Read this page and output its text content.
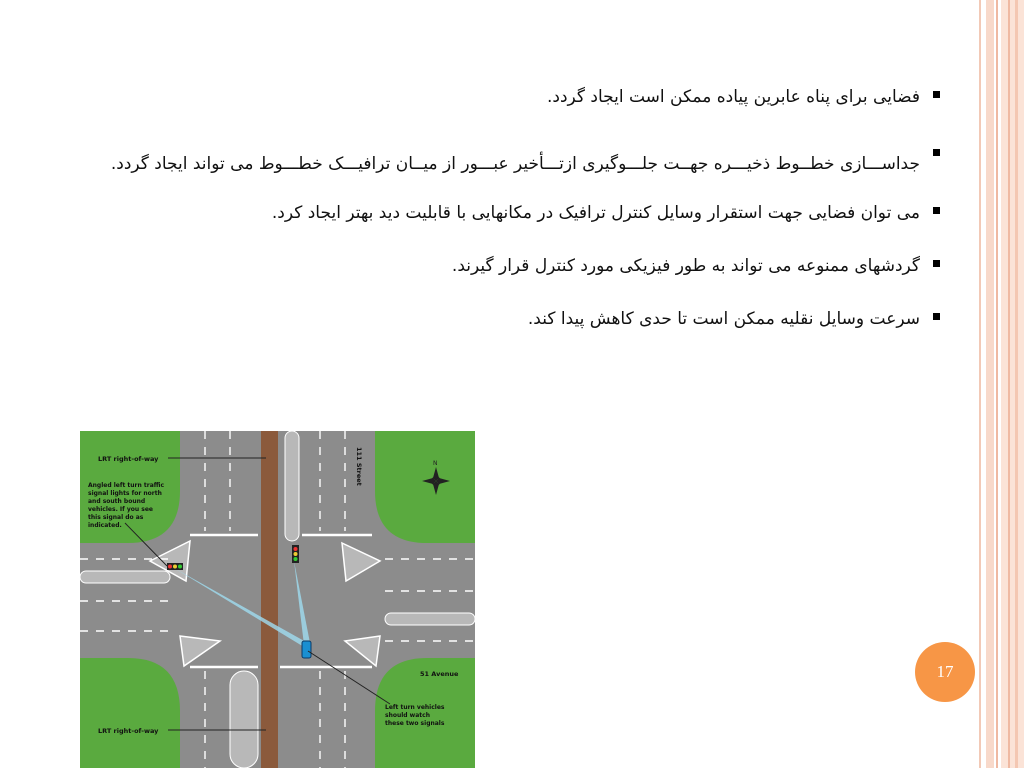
فضایی برای پناه عابرین پیاده ممکن است ایجاد گردد.
جداســـازی خطــوط ذخیـــره جهــت جلـــوگیری ازتـــأخیر عبـــور از میــان ترافیـــک خطـــوط می تواند ایجاد گردد.
می توان فضایی جهت استقرار وسایل کنترل ترافیک در مکانهایی با قابلیت دید بهتر ایجاد کرد.
گردشهای ممنوعه می تواند به طور فیزیکی مورد کنترل قرار گیرند.
سرعت وسایل نقلیه ممکن است تا حدی کاهش پیدا کند.
N
LRT right-of-way
LRT right-of-way
111 Street
51 Avenue
Angled left turn traffic
signal lights for north
and south bound
vehicles. If you see
this signal do as
indicated.
Left turn vehicles
should watch
these two signals
17
